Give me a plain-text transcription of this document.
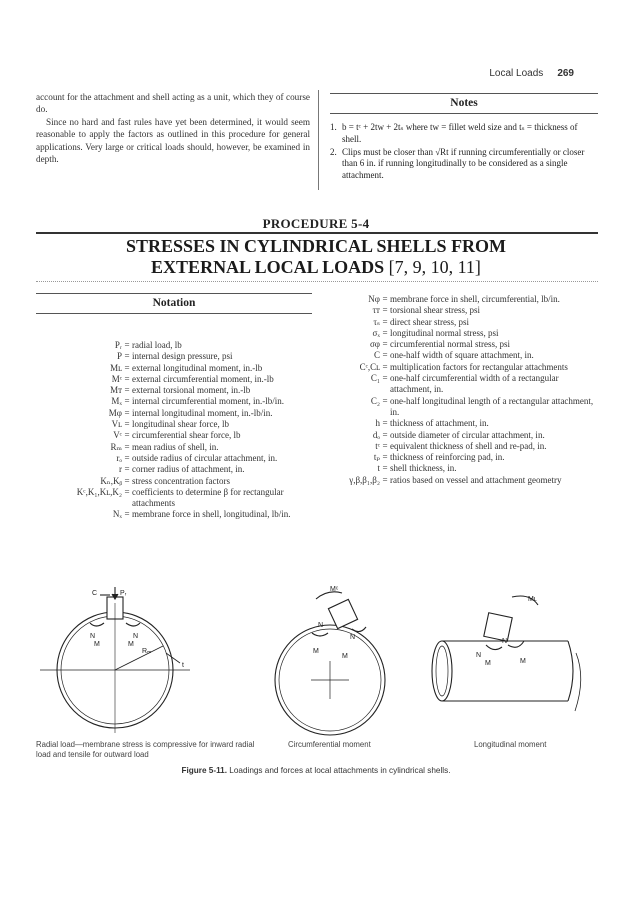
Local Loads 269
account for the attachment and shell acting as a unit, which they of course do.
Since no hard and fast rules have yet been determined, it would seem reasonable to apply the factors as outlined in this procedure for general applications. Very large or critical loads should, however, be examined in depth.
Notes
1. b = tᶜ + 2tᴡ + 2tₛ where tᴡ = fillet weld size and tₛ = thickness of shell.
2. Clips must be closer than √Rt if running circumferentially or closer than 6 in. if running longitudinally to be considered as a single attachment.
PROCEDURE 5-4
STRESSES IN CYLINDRICAL SHELLS FROM
EXTERNAL LOCAL LOADS [7, 9, 10, 11]
Notation
Pᵣ = radial load, lb
P = internal design pressure, psi
Mʟ = external longitudinal moment, in.-lb
Mᶜ = external circumferential moment, in.-lb
Mᴛ = external torsional moment, in.-lb
Mₓ = internal circumferential moment, in.-lb/in.
Mφ = internal longitudinal moment, in.-lb/in.
Vʟ = longitudinal shear force, lb
Vᶜ = circumferential shear force, lb
Rₘ = mean radius of shell, in.
rₒ = outside radius of circular attachment, in.
r = corner radius of attachment, in.
Kₙ,Kᵦ = stress concentration factors
Kᶜ,K₁,Kʟ,K₂ = coefficients to determine β for rectangular attachments
Nₓ = membrane force in shell, longitudinal, lb/in.
Nφ = membrane force in shell, circumferential, lb/in.
τᴛ = torsional shear stress, psi
τₛ = direct shear stress, psi
σₓ = longitudinal normal stress, psi
σφ = circumferential normal stress, psi
C = one-half width of square attachment, in.
Cᶜ,Cʟ = multiplication factors for rectangular attachments
C₁ = one-half circumferential width of a rectangular attachment, in.
C₂ = one-half longitudinal length of a rectangular attachment, in.
h = thickness of attachment, in.
dₒ = outside diameter of circular attachment, in.
tᶜ = equivalent thickness of shell and re-pad, in.
tₚ = thickness of reinforcing pad, in.
t = shell thickness, in.
γ,β,β₁,β₂ = ratios based on vessel and attachment geometry
C	Pᵣ
N	N
M	M
Rₘ
t
Mᶜ
N
N
M
M
Mʟ
N
N
M	M
Radial load—membrane stress is compressive for inward radial load and tensile for outward load
Circumferential moment	Longitudinal moment
Figure 5-11. Loadings and forces at local attachments in cylindrical shells.
